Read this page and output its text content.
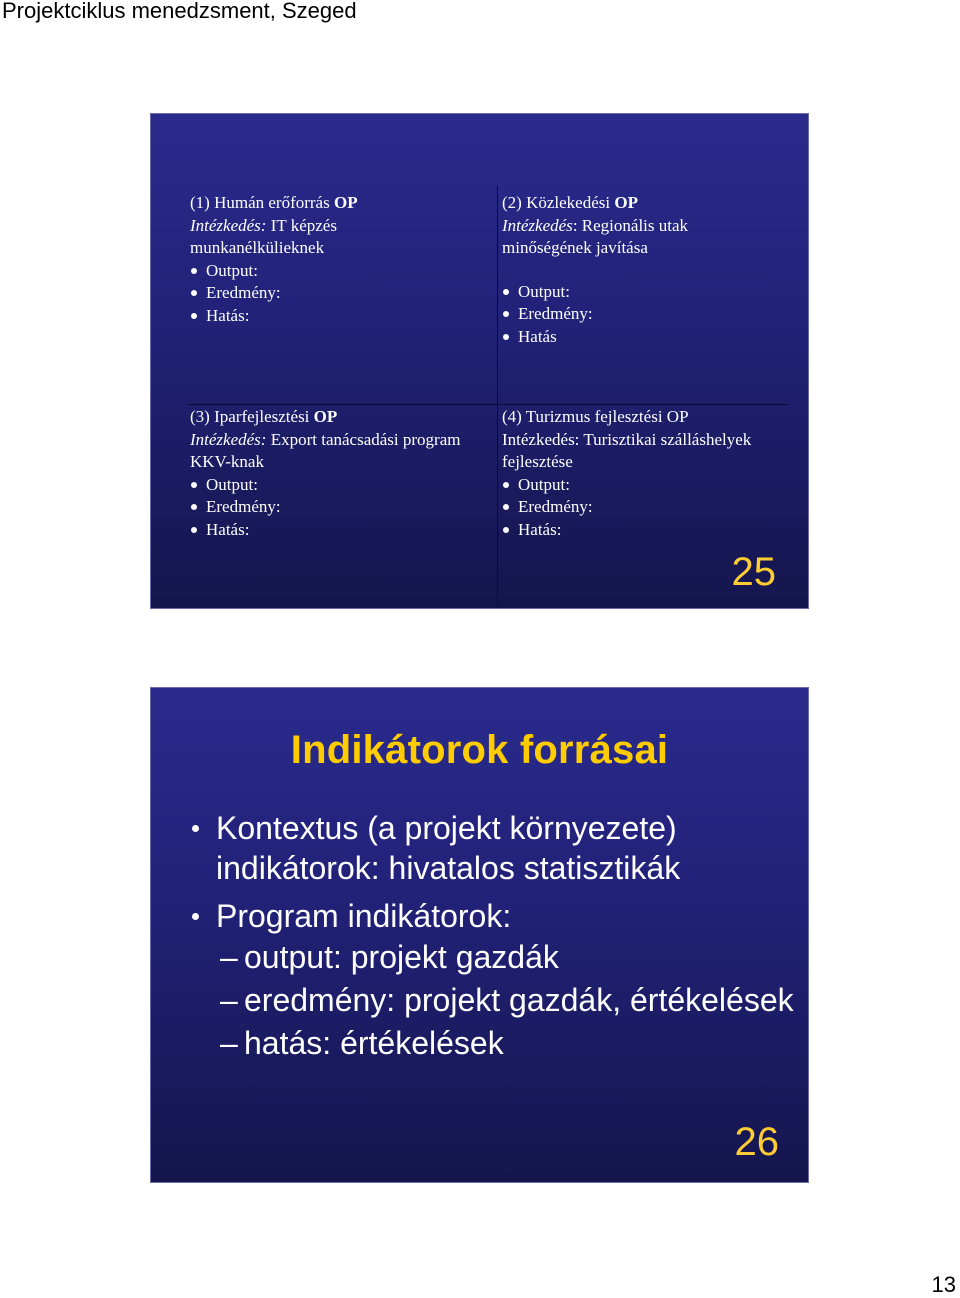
Projektciklus menedzsment, Szeged
(1) Humán erőforrás OP
Intézkedés: IT képzés
munkanélkülieknek
Output:
Eredmény:
Hatás:
(2) Közlekedési OP
Intézkedés: Regionális utak
minőségének javítása
Output:
Eredmény:
Hatás
(3) Iparfejlesztési OP
Intézkedés: Export tanácsadási program
KKV-knak
Output:
Eredmény:
Hatás:
(4) Turizmus fejlesztési OP
Intézkedés: Turisztikai szálláshelyek
fejlesztése
Output:
Eredmény:
Hatás:
25
Indikátorok forrásai
Kontextus (a projekt környezete)
indikátorok: hivatalos statisztikák
Program indikátorok:
– output: projekt gazdák
– eredmény: projekt gazdák, értékelések
– hatás: értékelések
26
13
